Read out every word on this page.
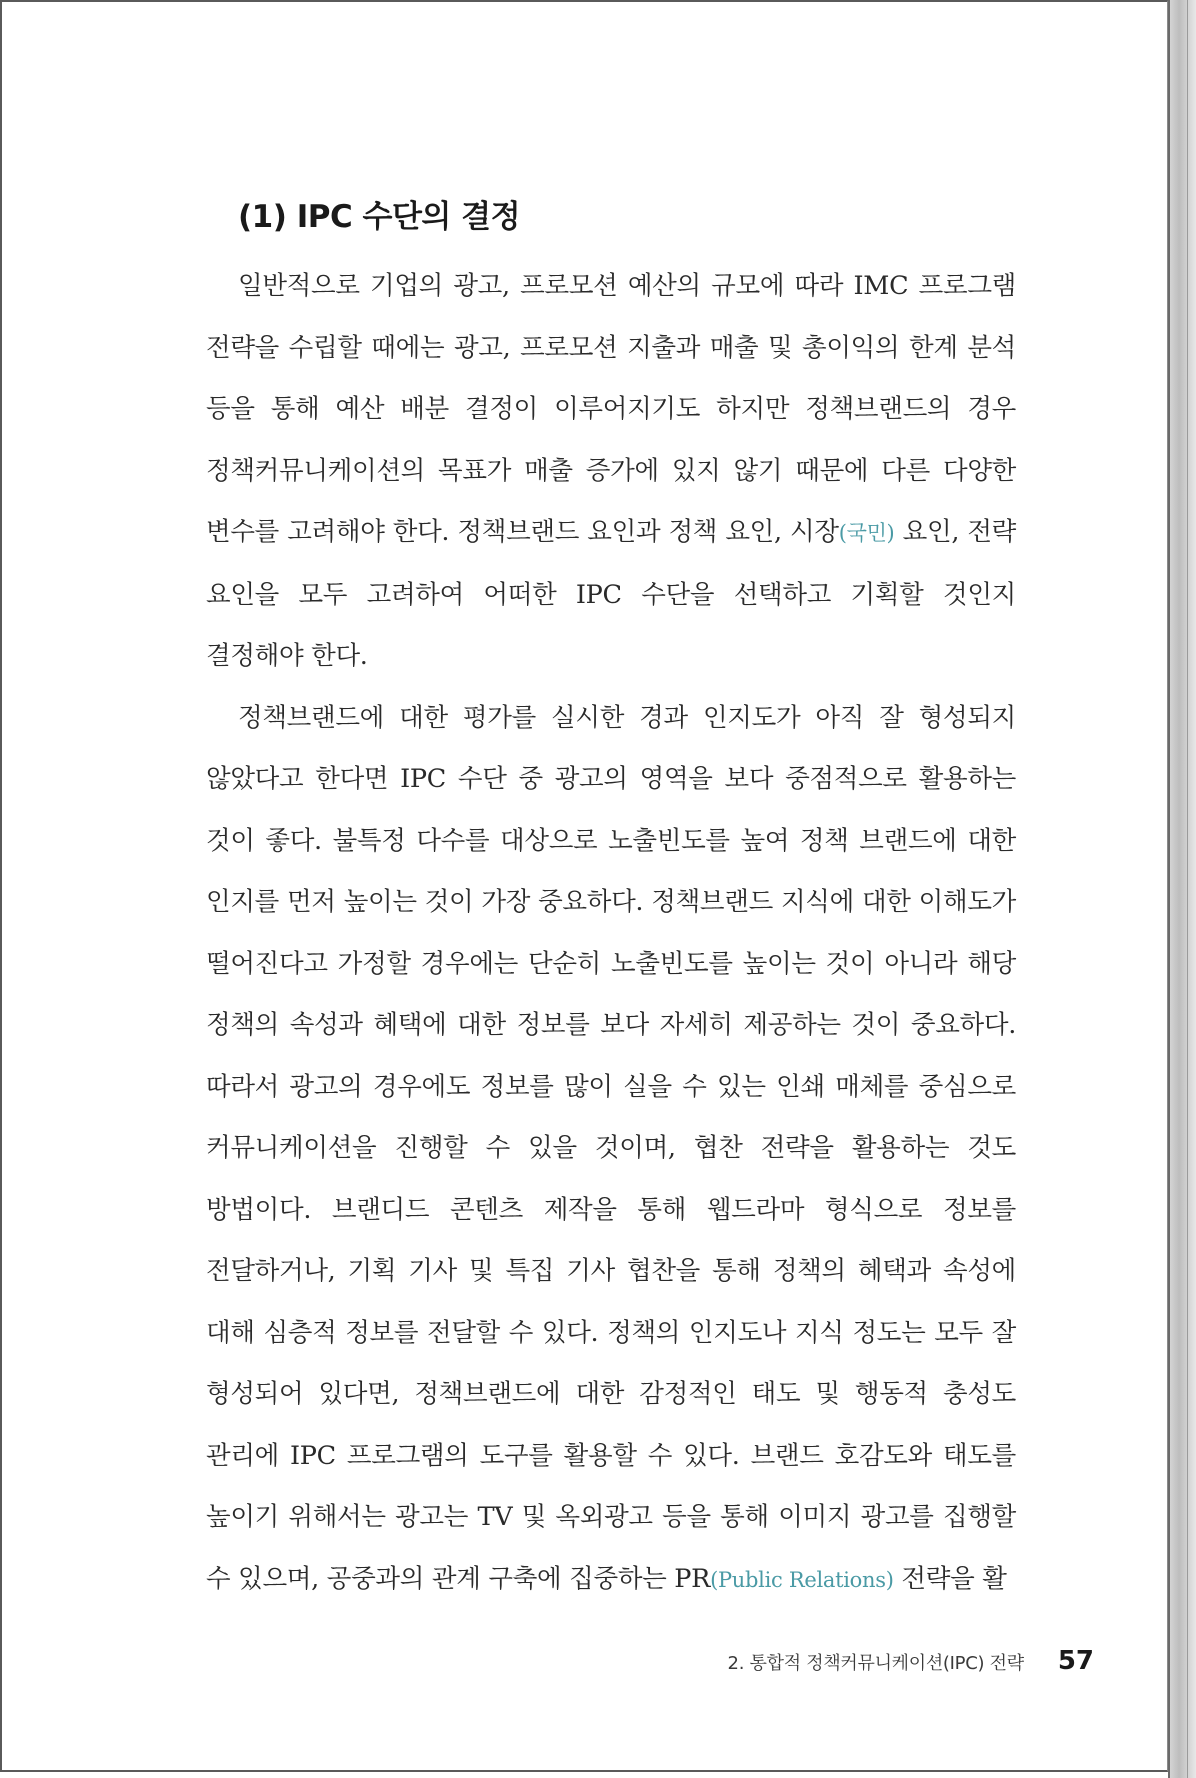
(1) IPC 수단의 결정

일반적으로 기업의 광고, 프로모션 예산의 규모에 따라 IMC 프로그램 전략을 수립할 때에는 광고, 프로모션 지출과 매출 및 총이익의 한계 분석 등을 통해 예산 배분 결정이 이루어지기도 하지만 정책브랜드의 경우 정책커뮤니케이션의 목표가 매출 증가에 있지 않기 때문에 다른 다양한 변수를 고려해야 한다. 정책브랜드 요인과 정책 요인, 시장(국민) 요인, 전략 요인을 모두 고려하여 어떠한 IPC 수단을 선택하고 기획할 것인지 결정해야 한다.

정책브랜드에 대한 평가를 실시한 경과 인지도가 아직 잘 형성되지 않았다고 한다면 IPC 수단 중 광고의 영역을 보다 중점적으로 활용하는 것이 좋다. 불특정 다수를 대상으로 노출빈도를 높여 정책 브랜드에 대한 인지를 먼저 높이는 것이 가장 중요하다. 정책브랜드 지식에 대한 이해도가 떨어진다고 가정할 경우에는 단순히 노출빈도를 높이는 것이 아니라 해당 정책의 속성과 혜택에 대한 정보를 보다 자세히 제공하는 것이 중요하다. 따라서 광고의 경우에도 정보를 많이 실을 수 있는 인쇄 매체를 중심으로 커뮤니케이션을 진행할 수 있을 것이며, 협찬 전략을 활용하는 것도 방법이다. 브랜디드 콘텐츠 제작을 통해 웹드라마 형식으로 정보를 전달하거나, 기획 기사 및 특집 기사 협찬을 통해 정책의 혜택과 속성에 대해 심층적 정보를 전달할 수 있다. 정책의 인지도나 지식 정도는 모두 잘 형성되어 있다면, 정책브랜드에 대한 감정적인 태도 및 행동적 충성도 관리에 IPC 프로그램의 도구를 활용할 수 있다. 브랜드 호감도와 태도를 높이기 위해서는 광고는 TV 및 옥외광고 등을 통해 이미지 광고를 집행할 수 있으며, 공중과의 관계 구축에 집중하는 PR(Public Relations) 전략을 활

2. 통합적 정책커뮤니케이션(IPC) 전략 57
